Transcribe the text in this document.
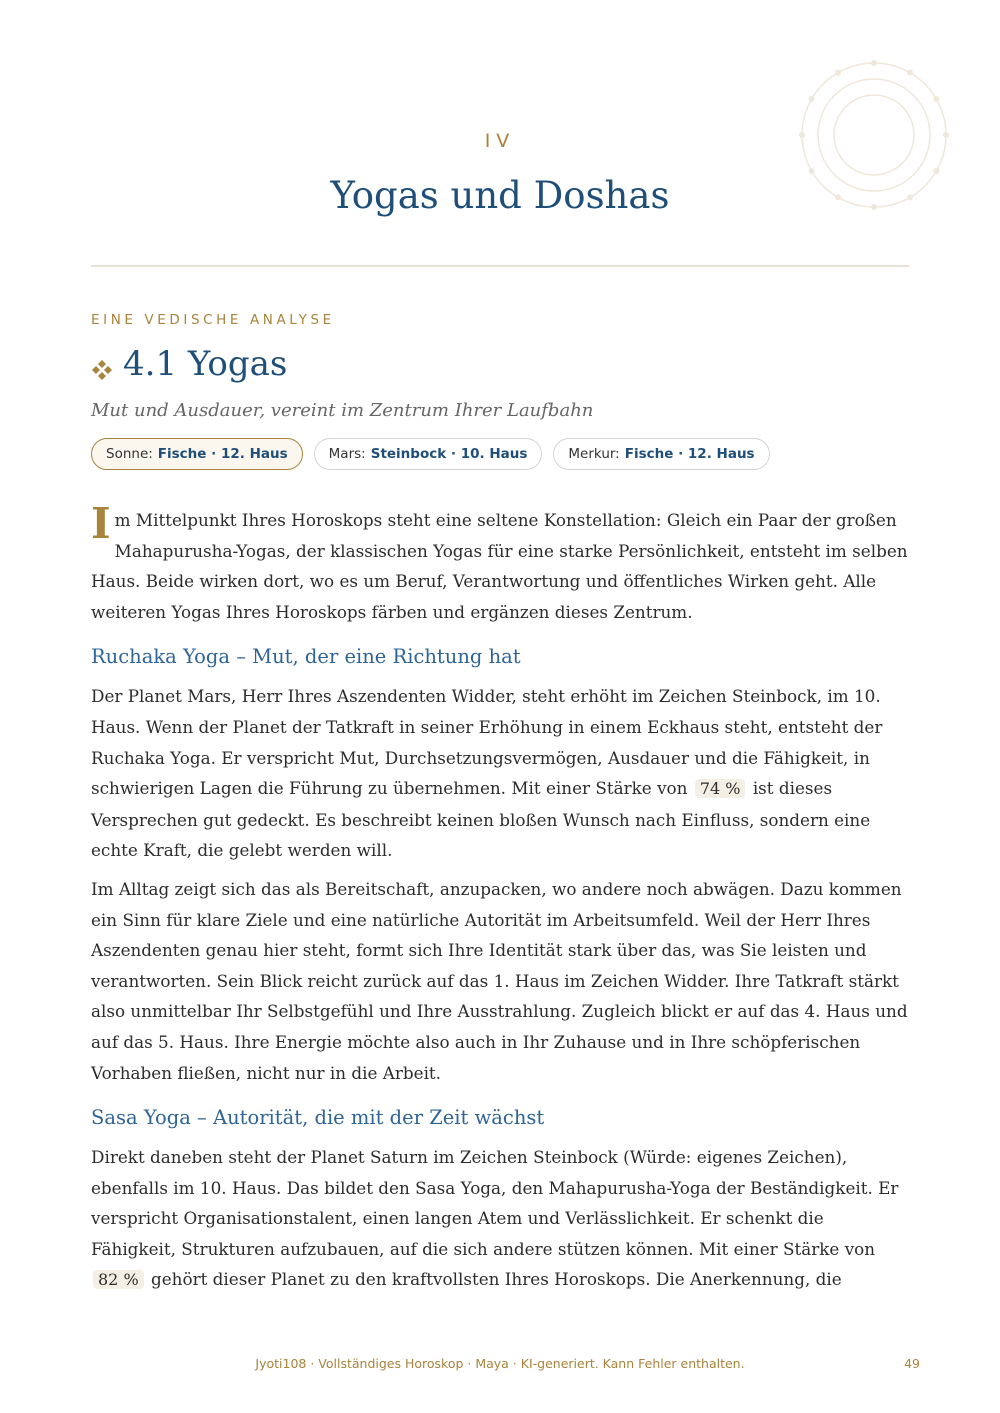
IV
Yogas und Doshas
EINE VEDISCHE ANALYSE
4.1 Yogas
Mut und Ausdauer, vereint im Zentrum Ihrer Laufbahn
Sonne: Fische · 12. Haus	Mars: Steinbock · 10. Haus	Merkur: Fische · 12. Haus

Im Mittelpunkt Ihres Horoskops steht eine seltene Konstellation: Gleich ein Paar der großen Mahapurusha-Yogas, der klassischen Yogas für eine starke Persönlichkeit, entsteht im selben Haus. Beide wirken dort, wo es um Beruf, Verantwortung und öffentliches Wirken geht. Alle weiteren Yogas Ihres Horoskops färben und ergänzen dieses Zentrum.

Ruchaka Yoga – Mut, der eine Richtung hat

Der Planet Mars, Herr Ihres Aszendenten Widder, steht erhöht im Zeichen Steinbock, im 10. Haus. Wenn der Planet der Tatkraft in seiner Erhöhung in einem Eckhaus steht, entsteht der Ruchaka Yoga. Er verspricht Mut, Durchsetzungsvermögen, Ausdauer und die Fähigkeit, in schwierigen Lagen die Führung zu übernehmen. Mit einer Stärke von 74 % ist dieses Versprechen gut gedeckt. Es beschreibt keinen bloßen Wunsch nach Einfluss, sondern eine echte Kraft, die gelebt werden will.

Im Alltag zeigt sich das als Bereitschaft, anzupacken, wo andere noch abwägen. Dazu kommen ein Sinn für klare Ziele und eine natürliche Autorität im Arbeitsumfeld. Weil der Herr Ihres Aszendenten genau hier steht, formt sich Ihre Identität stark über das, was Sie leisten und verantworten. Sein Blick reicht zurück auf das 1. Haus im Zeichen Widder. Ihre Tatkraft stärkt also unmittelbar Ihr Selbstgefühl und Ihre Ausstrahlung. Zugleich blickt er auf das 4. Haus und auf das 5. Haus. Ihre Energie möchte also auch in Ihr Zuhause und in Ihre schöpferischen Vorhaben fließen, nicht nur in die Arbeit.

Sasa Yoga – Autorität, die mit der Zeit wächst

Direkt daneben steht der Planet Saturn im Zeichen Steinbock (Würde: eigenes Zeichen), ebenfalls im 10. Haus. Das bildet den Sasa Yoga, den Mahapurusha-Yoga der Beständigkeit. Er verspricht Organisationstalent, einen langen Atem und Verlässlichkeit. Er schenkt die Fähigkeit, Strukturen aufzubauen, auf die sich andere stützen können. Mit einer Stärke von
82 % gehört dieser Planet zu den kraftvollsten Ihres Horoskops. Die Anerkennung, die

Jyoti108 · Vollständiges Horoskop · Maya · KI-generiert. Kann Fehler enthalten.	49
